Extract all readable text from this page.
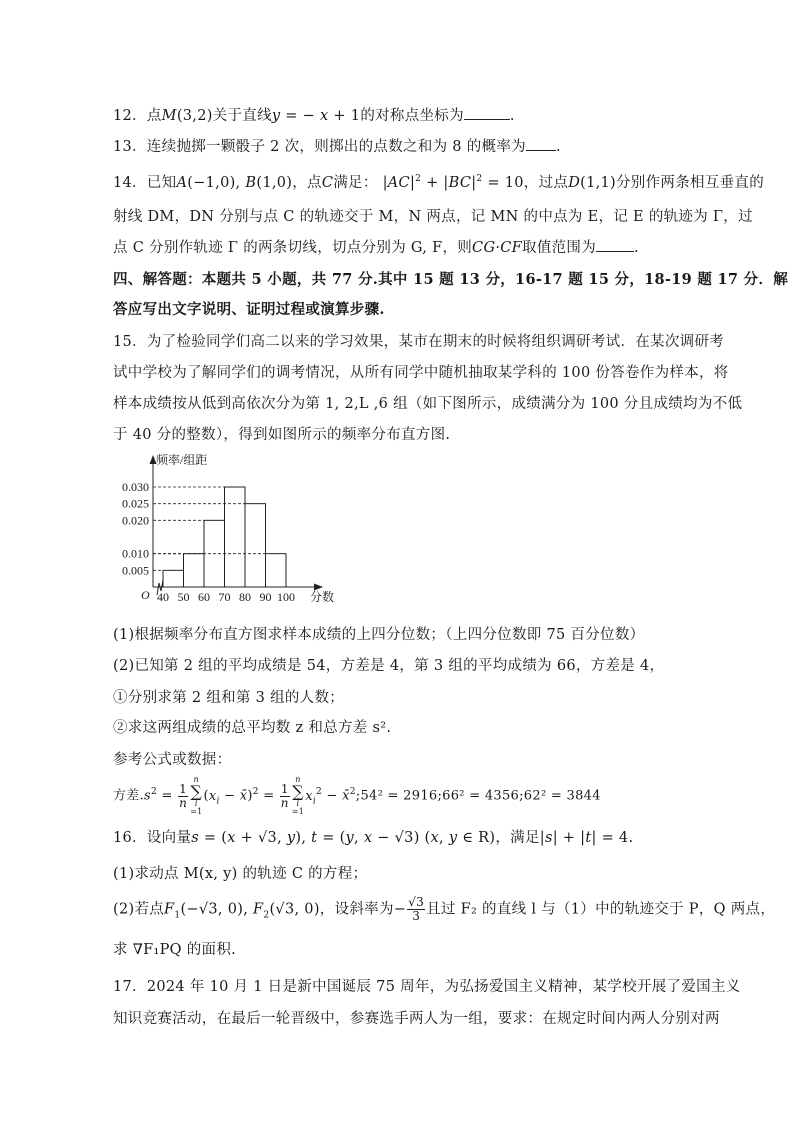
12．点M(3,2)关于直线y = − x + 1的对称点坐标为	.
13．连续抛掷一颗骰子 2 次，则掷出的点数之和为 8 的概率为 .
14．已知A(−1,0), B(1,0)，点C满足： $|AC|^2 + |BC|^2 = 10$，过点D(1,1)分别作两条相互垂直的
射线 DM，DN 分别与点 C 的轨迹交于 M，N 两点，记 MN 的中点为 E，记 E 的轨迹为 Γ，过
点 C 分别作轨迹 Γ 的两条切线，切点分别为 G, F，则CG·CF取值范围为	.
四、解答题：本题共 5 小题，共 77 分.其中 15 题 13 分，16-17 题 15 分，18-19 题 17 分．解
答应写出文字说明、证明过程或演算步骤.
15．为了检验同学们高二以来的学习效果，某市在期末的时候将组织调研考试．在某次调研考
试中学校为了解同学们的调考情况，从所有同学中随机抽取某学科的 100 份答卷作为样本，将
样本成绩按从低到高依次分为第 1, 2,L ,6 组（如下图所示，成绩满分为 100 分且成绩均为不低
于 40 分的整数），得到如图所示的频率分布直方图.
0.005
0.010
0.020
0.025
0.030
40 50 60 70 80 90 100
O
频率/组距
分数
(1)根据频率分布直方图求样本成绩的上四分位数；（上四分位数即 75 百分位数）
(2)已知第 2 组的平均成绩是 54，方差是 4，第 3 组的平均成绩为 66，方差是 4，
①分别求第 2 组和第 3 组的人数；
②求这两组成绩的总平均数 z 和总方差 s².
参考公式或数据：
方差$.s^2 = \frac{1}{n}$
n
∑
i
=1
($x_i$ − x̄)$^2$ = $\frac{1}{n}$
n
∑
i
=1
$x_i^2$ − x̄$^2$;54² = 2916;66² = 4356;62² = 3844
16．设向量s = (x + √3, y), t = (y, x − √3) (x, y ∈ R)，满足|s| + |t| = 4.
(1)求动点 M(x, y) 的轨迹 C 的方程；
(2)若点$F_1(-√3$, 0), $F_2(√3$, 0)，设斜率为− $\frac{√3}{3}$ 且过 F₂ 的直线 l 与（1）中的轨迹交于 P，Q 两点，
求 ∇F₁PQ 的面积.
17．2024 年 10 月 1 日是新中国诞辰 75 周年，为弘扬爱国主义精神，某学校开展了爱国主义
知识竞赛活动，在最后一轮晋级中，参赛选手两人为一组，要求：在规定时间内两人分别对两
